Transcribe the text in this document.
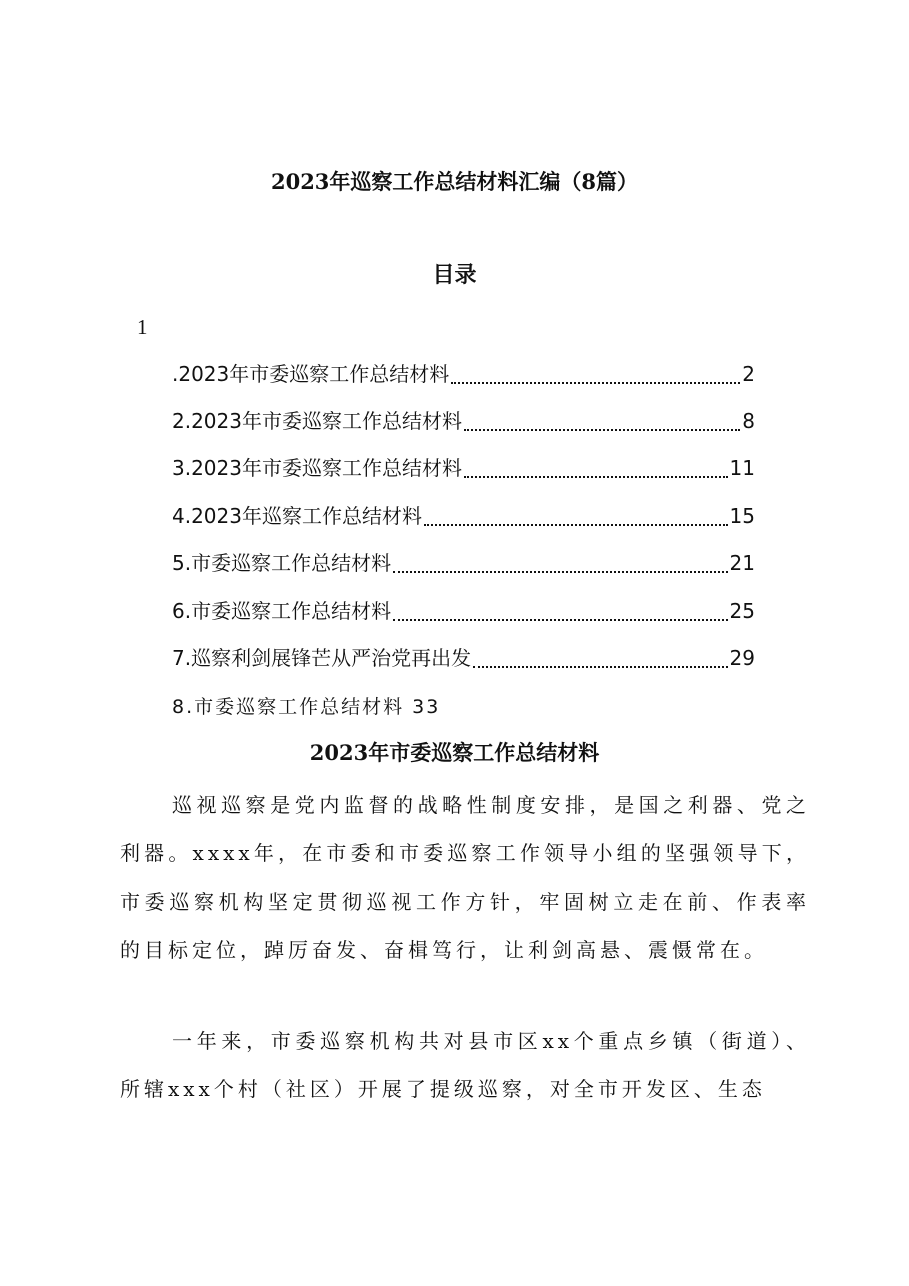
2023年巡察工作总结材料汇编（8篇）
目录
1
.2023年市委巡察工作总结材料	2
2.2023年市委巡察工作总结材料	8
3.2023年市委巡察工作总结材料	11
4.2023年巡察工作总结材料	15
5.市委巡察工作总结材料	21
6.市委巡察工作总结材料	25
7.巡察利剑展锋芒从严治党再出发	29
8.市委巡察工作总结材料 33
2023年市委巡察工作总结材料
巡视巡察是党内监督的战略性制度安排，是国之利器、党之利器。xxxx年，在市委和市委巡察工作领导小组的坚强领导下，市委巡察机构坚定贯彻巡视工作方针，牢固树立走在前、作表率的目标定位，踔厉奋发、奋楫笃行，让利剑高悬、震慑常在。
一年来，市委巡察机构共对县市区xx个重点乡镇（街道）、所辖xxx个村（社区）开展了提级巡察，对全市开发区、生态
